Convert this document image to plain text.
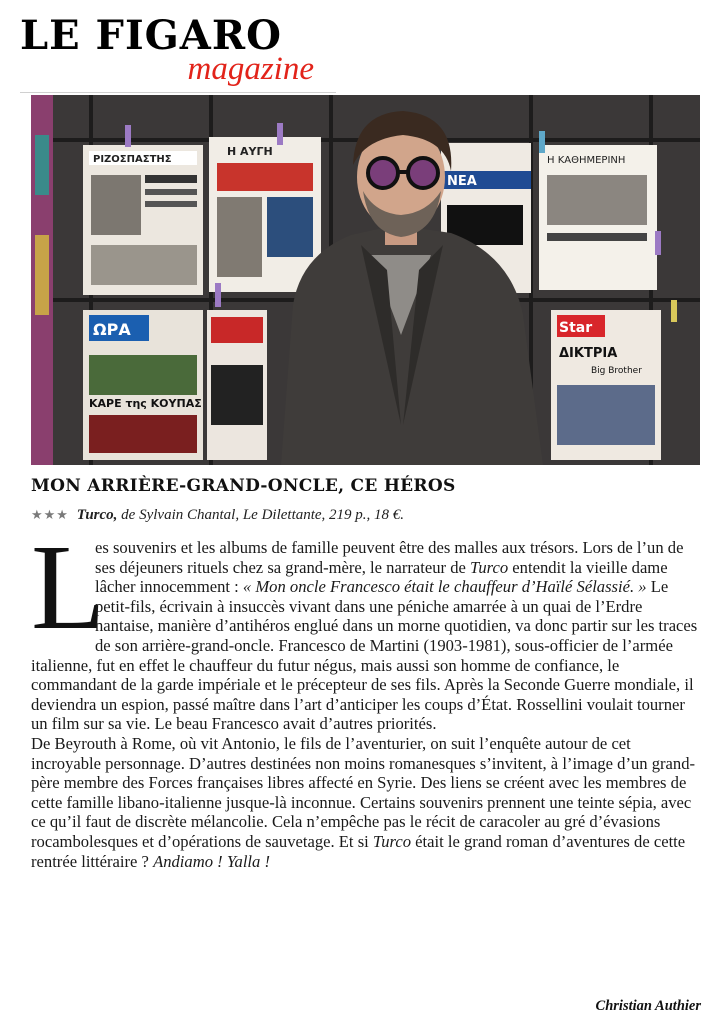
LE FIGARO
magazine
ΡΙΖΟΣΠΑΣΤΗΣ
Η ΑΥΓΗ
ΝΕΑ
Η ΚΑΘΗΜΕΡΙΝΗ
ΩΡΑ
ΚΑΡΕ της ΚΟΥΠΑΣ
Star
ΔΙΚΤΡΙΑ
Big Brother
MON ARRIÈRE-GRAND-ONCLE, CE HÉROS
★★★ Turco, de Sylvain Chantal, Le Dilettante, 219 p., 18 €.
L

es souvenirs et les albums de famille peuvent être des malles aux trésors. Lors de l’un de ses déjeuners rituels chez sa grand-mère, le narrateur de Turco entendit la vieille dame lâcher innocemment : « Mon oncle Francesco était le chauffeur d’Haïlé Sélassié. » Le petit-fils, écrivain à insuccès vivant dans une péniche amarrée à un quai de l’Erdre nantaise, manière d’antihéros englué dans un morne quotidien, va donc partir sur les traces de son arrière-grand-oncle. Francesco de Martini (1903-1981), sous-officier de l’armée italienne, fut en effet le chauffeur du futur négus, mais aussi son homme de confiance, le commandant de la garde impériale et le précepteur de ses fils. Après la Seconde Guerre mondiale, il deviendra un espion, passé maître dans l’art d’anticiper les coups d’État. Rossellini voulait tourner un film sur sa vie. Le beau Francesco avait d’autres priorités.

De Beyrouth à Rome, où vit Antonio, le fils de l’aventurier, on suit l’enquête autour de cet incroyable personnage. D’autres destinées non moins romanesques s’invitent, à l’image d’un grand-père membre des Forces françaises libres affecté en Syrie. Des liens se créent avec les membres de cette famille libano-italienne jusque-là inconnue. Certains souvenirs prennent une teinte sépia, avec ce qu’il faut de discrète mélancolie. Cela n’empêche pas le récit de caracoler au gré d’évasions rocambolesques et d’opérations de sauvetage. Et si Turco était le grand roman d’aventures de cette rentrée littéraire ? Andiamo ! Yalla !

Christian Authier
